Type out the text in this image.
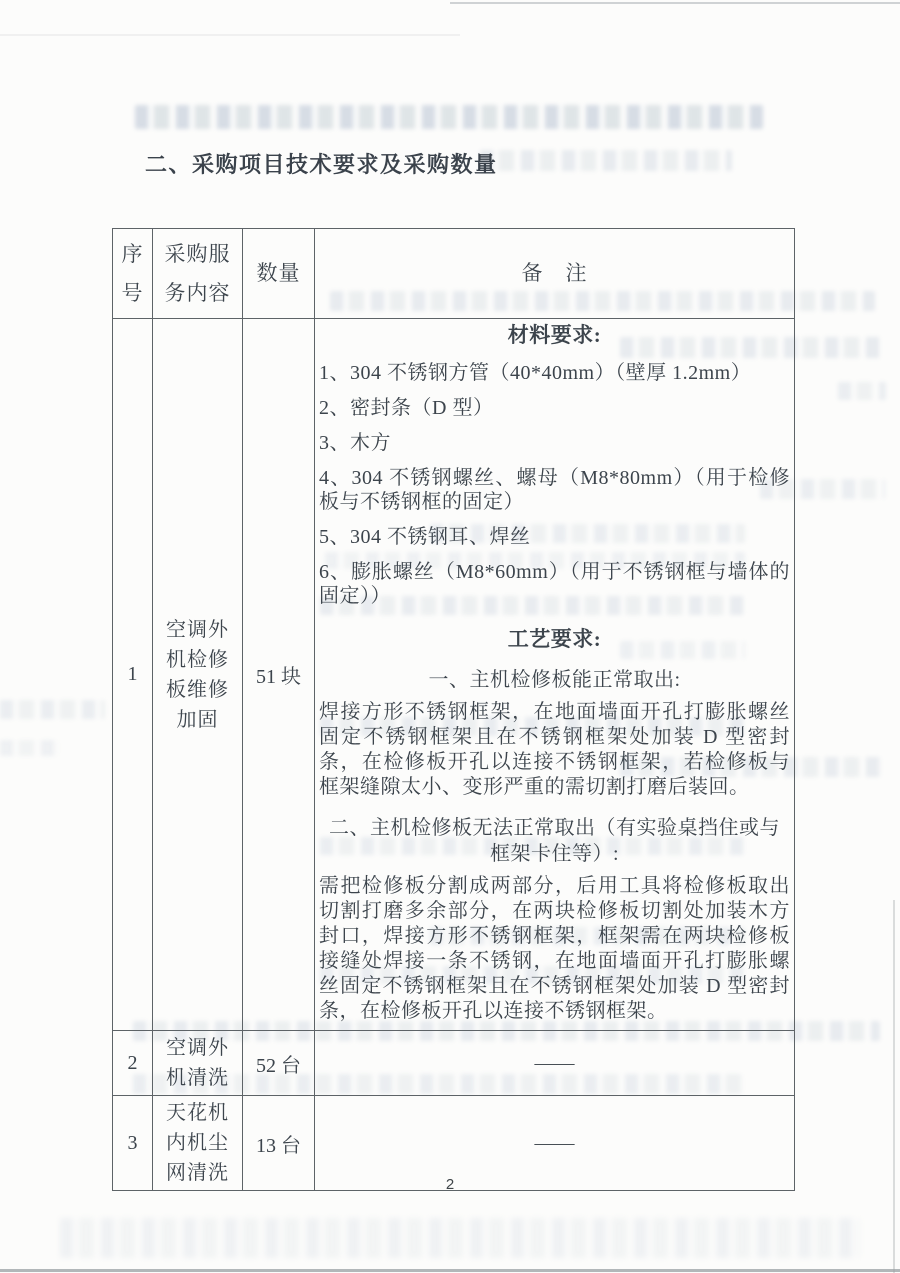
二、采购项目技术要求及采购数量
序号	采购服务内容	数量	备　注
1	空调外机检修板维修加固	51 块	
材料要求:
1、304 不锈钢方管（40*40mm）（壁厚 1.2mm）
2、密封条（D 型）
3、木方
4、304 不锈钢螺丝、螺母（M8*80mm）（用于检修板与不锈钢框的固定）
5、304 不锈钢耳、焊丝
6、膨胀螺丝（M8*60mm）（用于不锈钢框与墙体的固定））
工艺要求:
一、主机检修板能正常取出:
焊接方形不锈钢框架，在地面墙面开孔打膨胀螺丝固定不锈钢框架且在不锈钢框架处加装 D 型密封条，在检修板开孔以连接不锈钢框架，若检修板与框架缝隙太小、变形严重的需切割打磨后装回。
二、主机检修板无法正常取出（有实验桌挡住或与框架卡住等）:
需把检修板分割成两部分，后用工具将检修板取出切割打磨多余部分，在两块检修板切割处加装木方封口，焊接方形不锈钢框架，框架需在两块检修板接缝处焊接一条不锈钢，在地面墙面开孔打膨胀螺丝固定不锈钢框架且在不锈钢框架处加装 D 型密封条，在检修板开孔以连接不锈钢框架。

2	空调外机清洗	52 台	——
3	天花机内机尘网清洗	13 台	——
2
